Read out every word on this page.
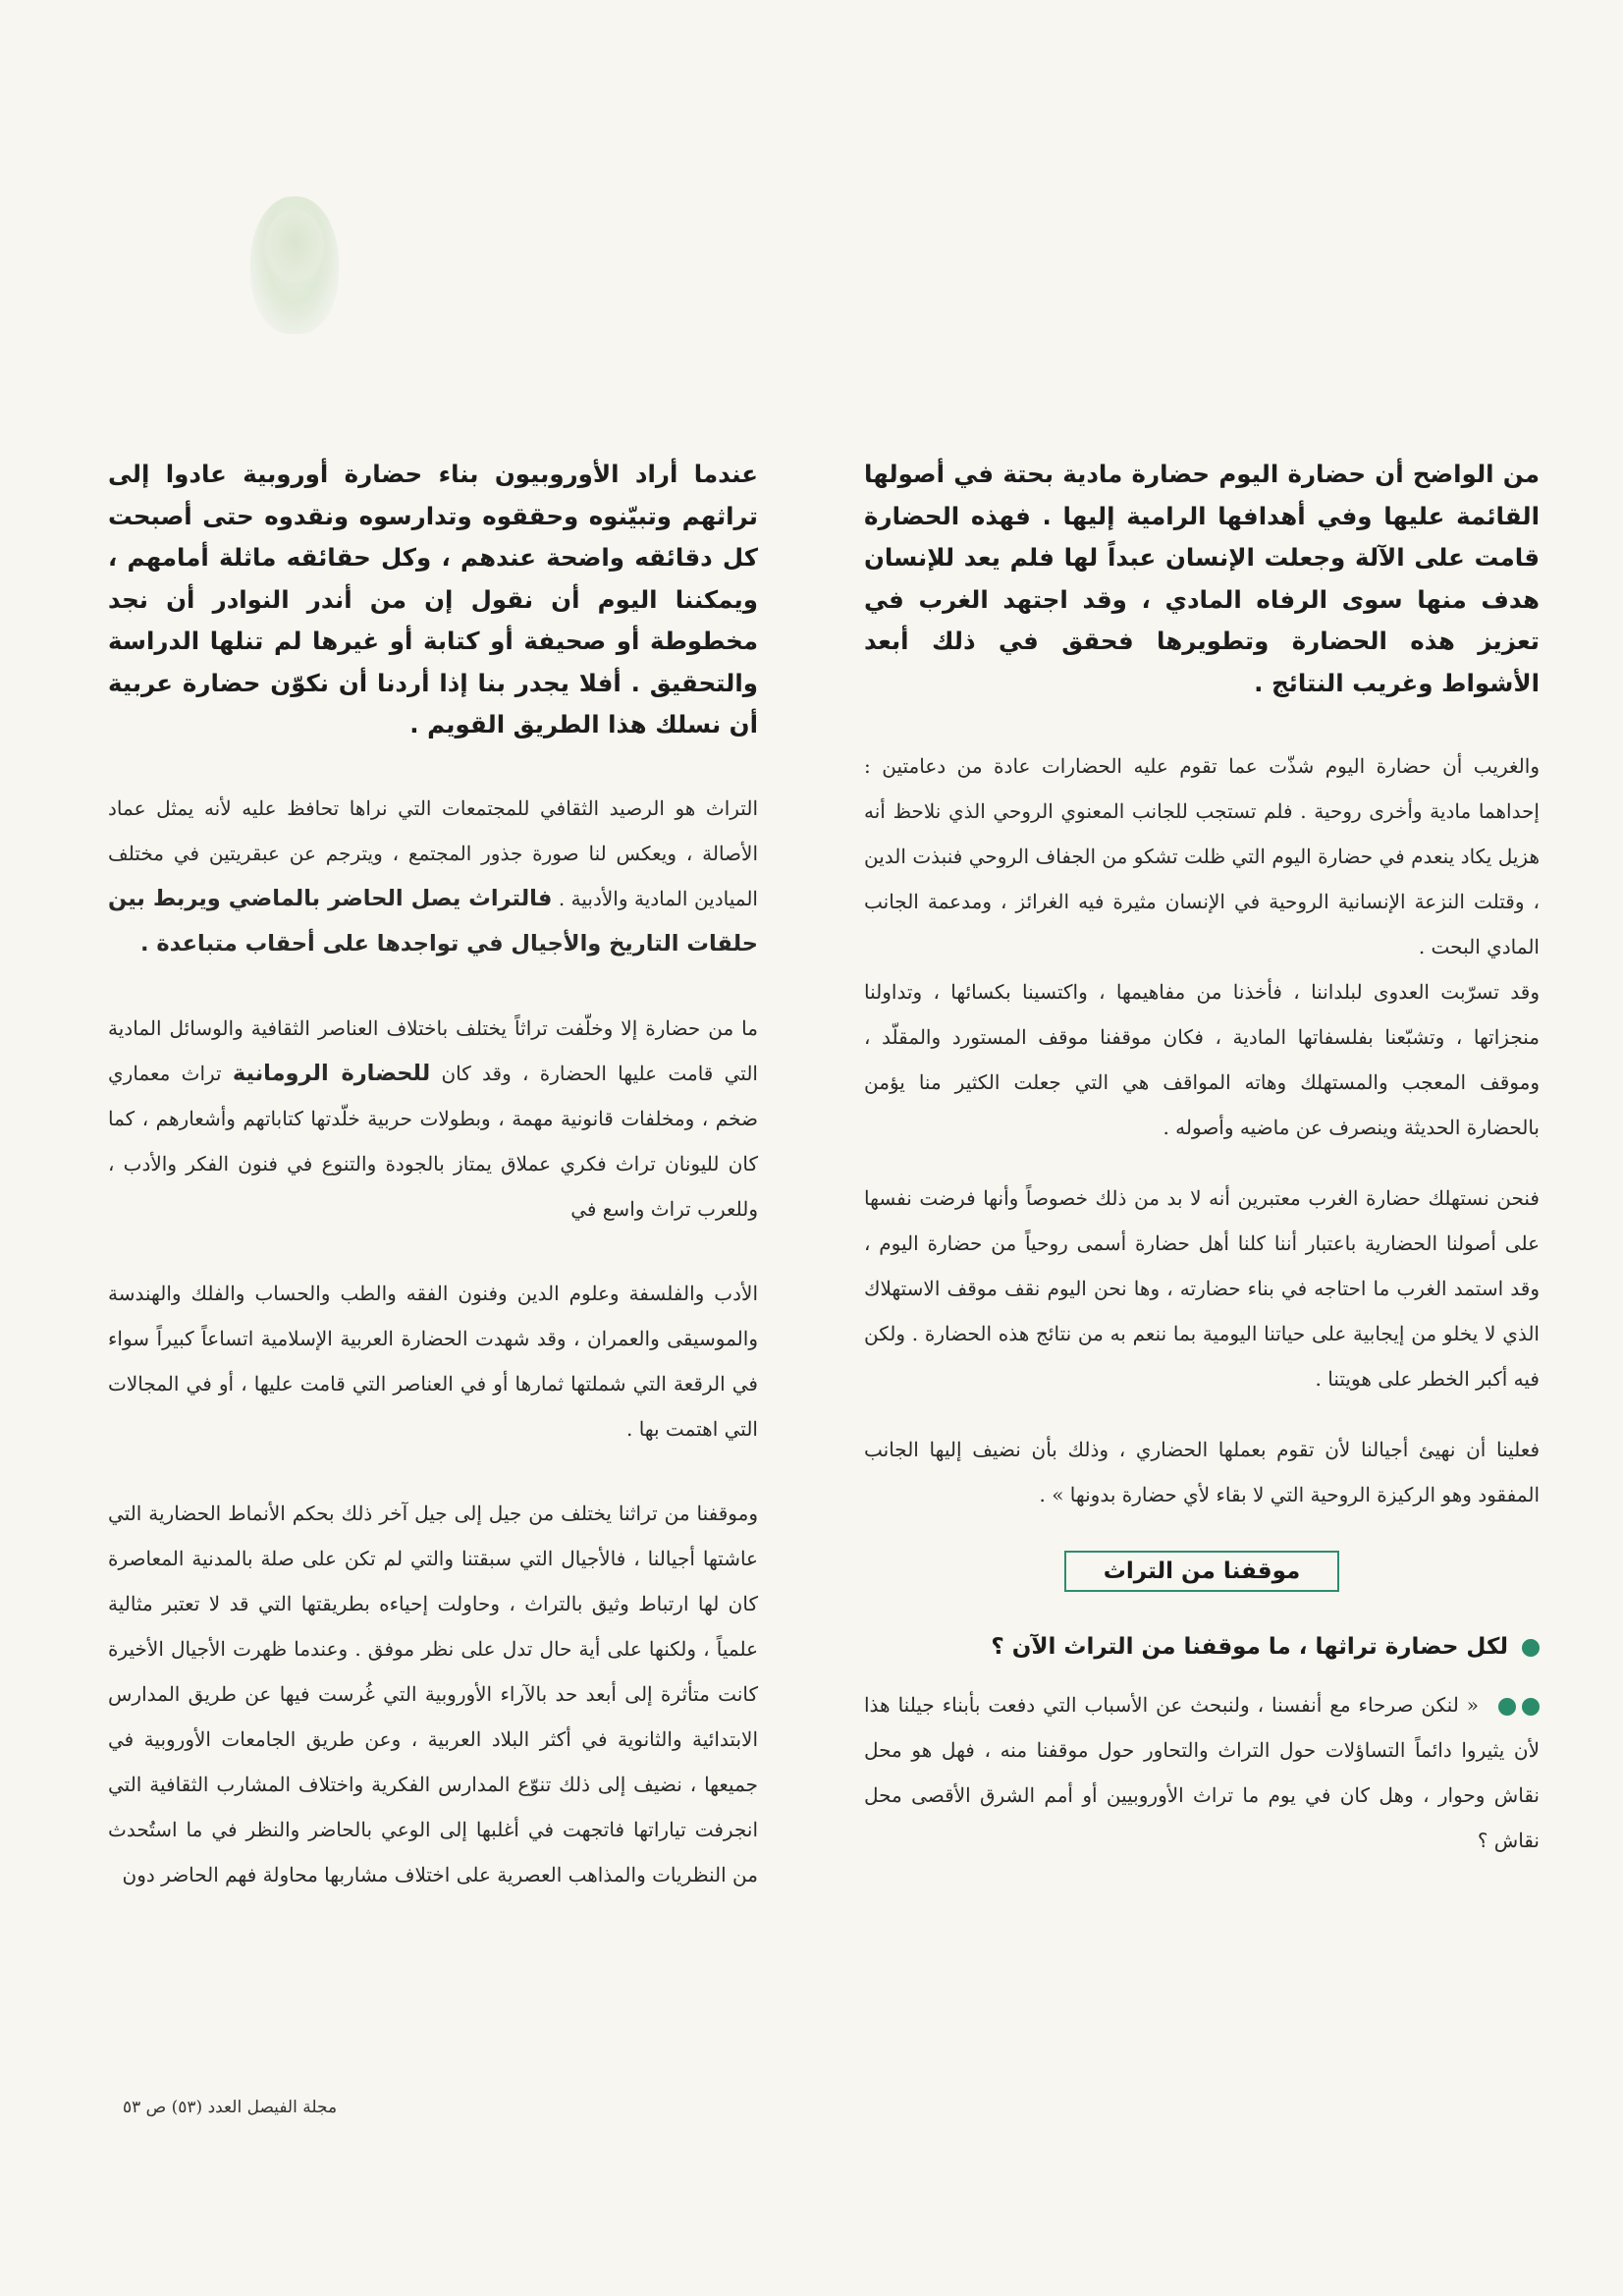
من الواضح أن حضارة اليوم حضارة مادية بحتة في أصولها القائمة عليها وفي أهدافها الرامية إليها . فهذه الحضارة قامت على الآلة وجعلت الإنسان عبداً لها فلم يعد للإنسان هدف منها سوى الرفاه المادي ، وقد اجتهد الغرب في تعزيز هذه الحضارة وتطويرها فحقق في ذلك أبعد الأشواط وغريب النتائج .

والغريب أن حضارة اليوم شذّت عما تقوم عليه الحضارات عادة من دعامتين : إحداهما مادية وأخرى روحية . فلم تستجب للجانب المعنوي الروحي الذي نلاحظ أنه هزيل يكاد ينعدم في حضارة اليوم التي ظلت تشكو من الجفاف الروحي فنبذت الدين ، وقتلت النزعة الإنسانية الروحية في الإنسان مثيرة فيه الغرائز ، ومدعمة الجانب المادي البحت .

وقد تسرّبت العدوى لبلداننا ، فأخذنا من مفاهيمها ، واكتسينا بكسائها ، وتداولنا منجزاتها ، وتشبّعنا بفلسفاتها المادية ، فكان موقفنا موقف المستورد والمقلّد ، وموقف المعجب والمستهلك وهاته المواقف هي التي جعلت الكثير منا يؤمن بالحضارة الحديثة وينصرف عن ماضيه وأصوله .

فنحن نستهلك حضارة الغرب معتبرين أنه لا بد من ذلك خصوصاً وأنها فرضت نفسها على أصولنا الحضارية باعتبار أننا كلنا أهل حضارة أسمى روحياً من حضارة اليوم ، وقد استمد الغرب ما احتاجه في بناء حضارته ، وها نحن اليوم نقف موقف الاستهلاك الذي لا يخلو من إيجابية على حياتنا اليومية بما ننعم به من نتائج هذه الحضارة . ولكن فيه أكبر الخطر على هويتنا .

فعلينا أن نهيئ أجيالنا لأن تقوم بعملها الحضاري ، وذلك بأن نضيف إليها الجانب المفقود وهو الركيزة الروحية التي لا بقاء لأي حضارة بدونها » .

موقفنا من التراث

لكل حضارة تراثها ، ما موقفنا من التراث الآن ؟

« لنكن صرحاء مع أنفسنا ، ولنبحث عن الأسباب التي دفعت بأبناء جيلنا هذا لأن يثيروا دائماً التساؤلات حول التراث والتحاور حول موقفنا منه ، فهل هو محل نقاش وحوار ، وهل كان في يوم ما تراث الأوروبيين أو أمم الشرق الأقصى محل نقاش ؟

عندما أراد الأوروبيون بناء حضارة أوروبية عادوا إلى تراثهم وتبيّنوه وحققوه وتدارسوه ونقدوه حتى أصبحت كل دقائقه واضحة عندهم ، وكل حقائقه ماثلة أمامهم ، ويمكننا اليوم أن نقول إن من أندر النوادر أن نجد مخطوطة أو صحيفة أو كتابة أو غيرها لم تنلها الدراسة والتحقيق . أفلا يجدر بنا إذا أردنا أن نكوّن حضارة عربية أن نسلك هذا الطريق القويم .

التراث هو الرصيد الثقافي للمجتمعات التي نراها تحافظ عليه لأنه يمثل عماد الأصالة ، ويعكس لنا صورة جذور المجتمع ، ويترجم عن عبقريتين في مختلف الميادين المادية والأدبية . فالتراث يصل الحاضر بالماضي ويربط بين حلقات التاريخ والأجيال في تواجدها على أحقاب متباعدة .

ما من حضارة إلا وخلّفت تراثاً يختلف باختلاف العناصر الثقافية والوسائل المادية التي قامت عليها الحضارة ، وقد كان للحضارة الرومانية تراث معماري ضخم ، ومخلفات قانونية مهمة ، وبطولات حربية خلّدتها كتاباتهم وأشعارهم ، كما كان لليونان تراث فكري عملاق يمتاز بالجودة والتنوع في فنون الفكر والأدب ، وللعرب تراث واسع في

الأدب والفلسفة وعلوم الدين وفنون الفقه والطب والحساب والفلك والهندسة والموسيقى والعمران ، وقد شهدت الحضارة العربية الإسلامية اتساعاً كبيراً سواء في الرقعة التي شملتها ثمارها أو في العناصر التي قامت عليها ، أو في المجالات التي اهتمت بها .

وموقفنا من تراثنا يختلف من جيل إلى جيل آخر ذلك بحكم الأنماط الحضارية التي عاشتها أجيالنا ، فالأجيال التي سبقتنا والتي لم تكن على صلة بالمدنية المعاصرة كان لها ارتباط وثيق بالتراث ، وحاولت إحياءه بطريقتها التي قد لا تعتبر مثالية علمياً ، ولكنها على أية حال تدل على نظر موفق . وعندما ظهرت الأجيال الأخيرة كانت متأثرة إلى أبعد حد بالآراء الأوروبية التي غُرست فيها عن طريق المدارس الابتدائية والثانوية في أكثر البلاد العربية ، وعن طريق الجامعات الأوروبية في جميعها ، نضيف إلى ذلك تنوّع المدارس الفكرية واختلاف المشارب الثقافية التي انجرفت تياراتها فاتجهت في أغلبها إلى الوعي بالحاضر والنظر في ما استُحدث من النظريات والمذاهب العصرية على اختلاف مشاربها محاولة فهم الحاضر دون

مجلة الفيصل العدد (٥٣) ص ٥٣
